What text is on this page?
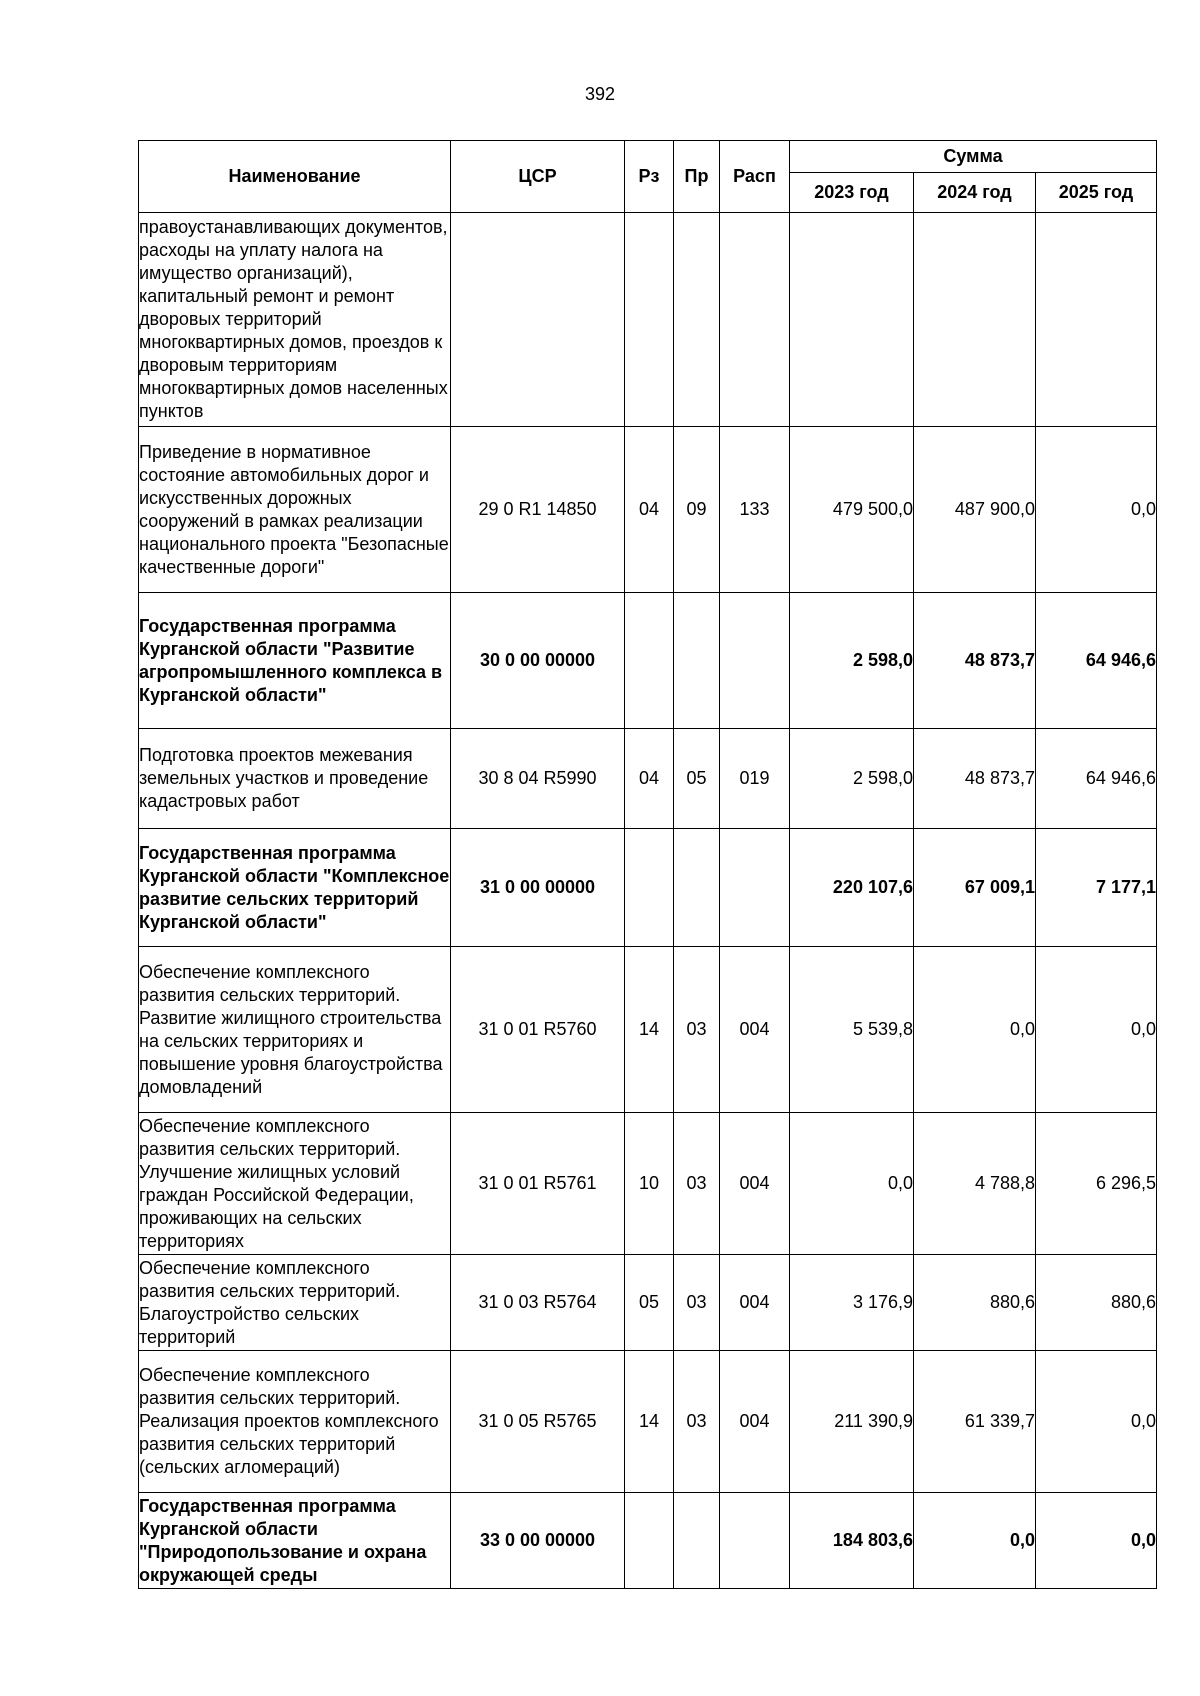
392
Наименование	ЦСР	Рз	Пр	Расп	Сумма		
					2023 год	2024 год	2025 год
правоустанавливающих документов, расходы на уплату налога на имущество организаций), капитальный ремонт и ремонт дворовых территорий многоквартирных домов, проездов к дворовым территориям многоквартирных домов населенных пунктов							
Приведение в нормативное состояние автомобильных дорог и искусственных дорожных сооружений в рамках реализации национального проекта "Безопасные качественные дороги"	29 0 R1 14850	04	09	133	479 500,0	487 900,0	0,0
Государственная программа Курганской области "Развитие агропромышленного комплекса в Курганской области"	30 0 00 00000				2 598,0	48 873,7	64 946,6
Подготовка проектов межевания земельных участков и проведение кадастровых работ	30 8 04 R5990	04	05	019	2 598,0	48 873,7	64 946,6
Государственная программа Курганской области "Комплексное развитие сельских территорий Курганской области"	31 0 00 00000				220 107,6	67 009,1	7 177,1
Обеспечение комплексного развития сельских территорий. Развитие жилищного строительства на сельских территориях и повышение уровня благоустройства домовладений	31 0 01 R5760	14	03	004	5 539,8	0,0	0,0
Обеспечение комплексного развития сельских территорий. Улучшение жилищных условий граждан Российской Федерации, проживающих на сельских территориях	31 0 01 R5761	10	03	004	0,0	4 788,8	6 296,5
Обеспечение комплексного развития сельских территорий. Благоустройство сельских территорий	31 0 03 R5764	05	03	004	3 176,9	880,6	880,6
Обеспечение комплексного развития сельских территорий. Реализация проектов комплексного развития сельских территорий (сельских агломераций)	31 0 05 R5765	14	03	004	211 390,9	61 339,7	0,0
Государственная программа Курганской области "Природопользование и охрана окружающей среды	33 0 00 00000				184 803,6	0,0	0,0
